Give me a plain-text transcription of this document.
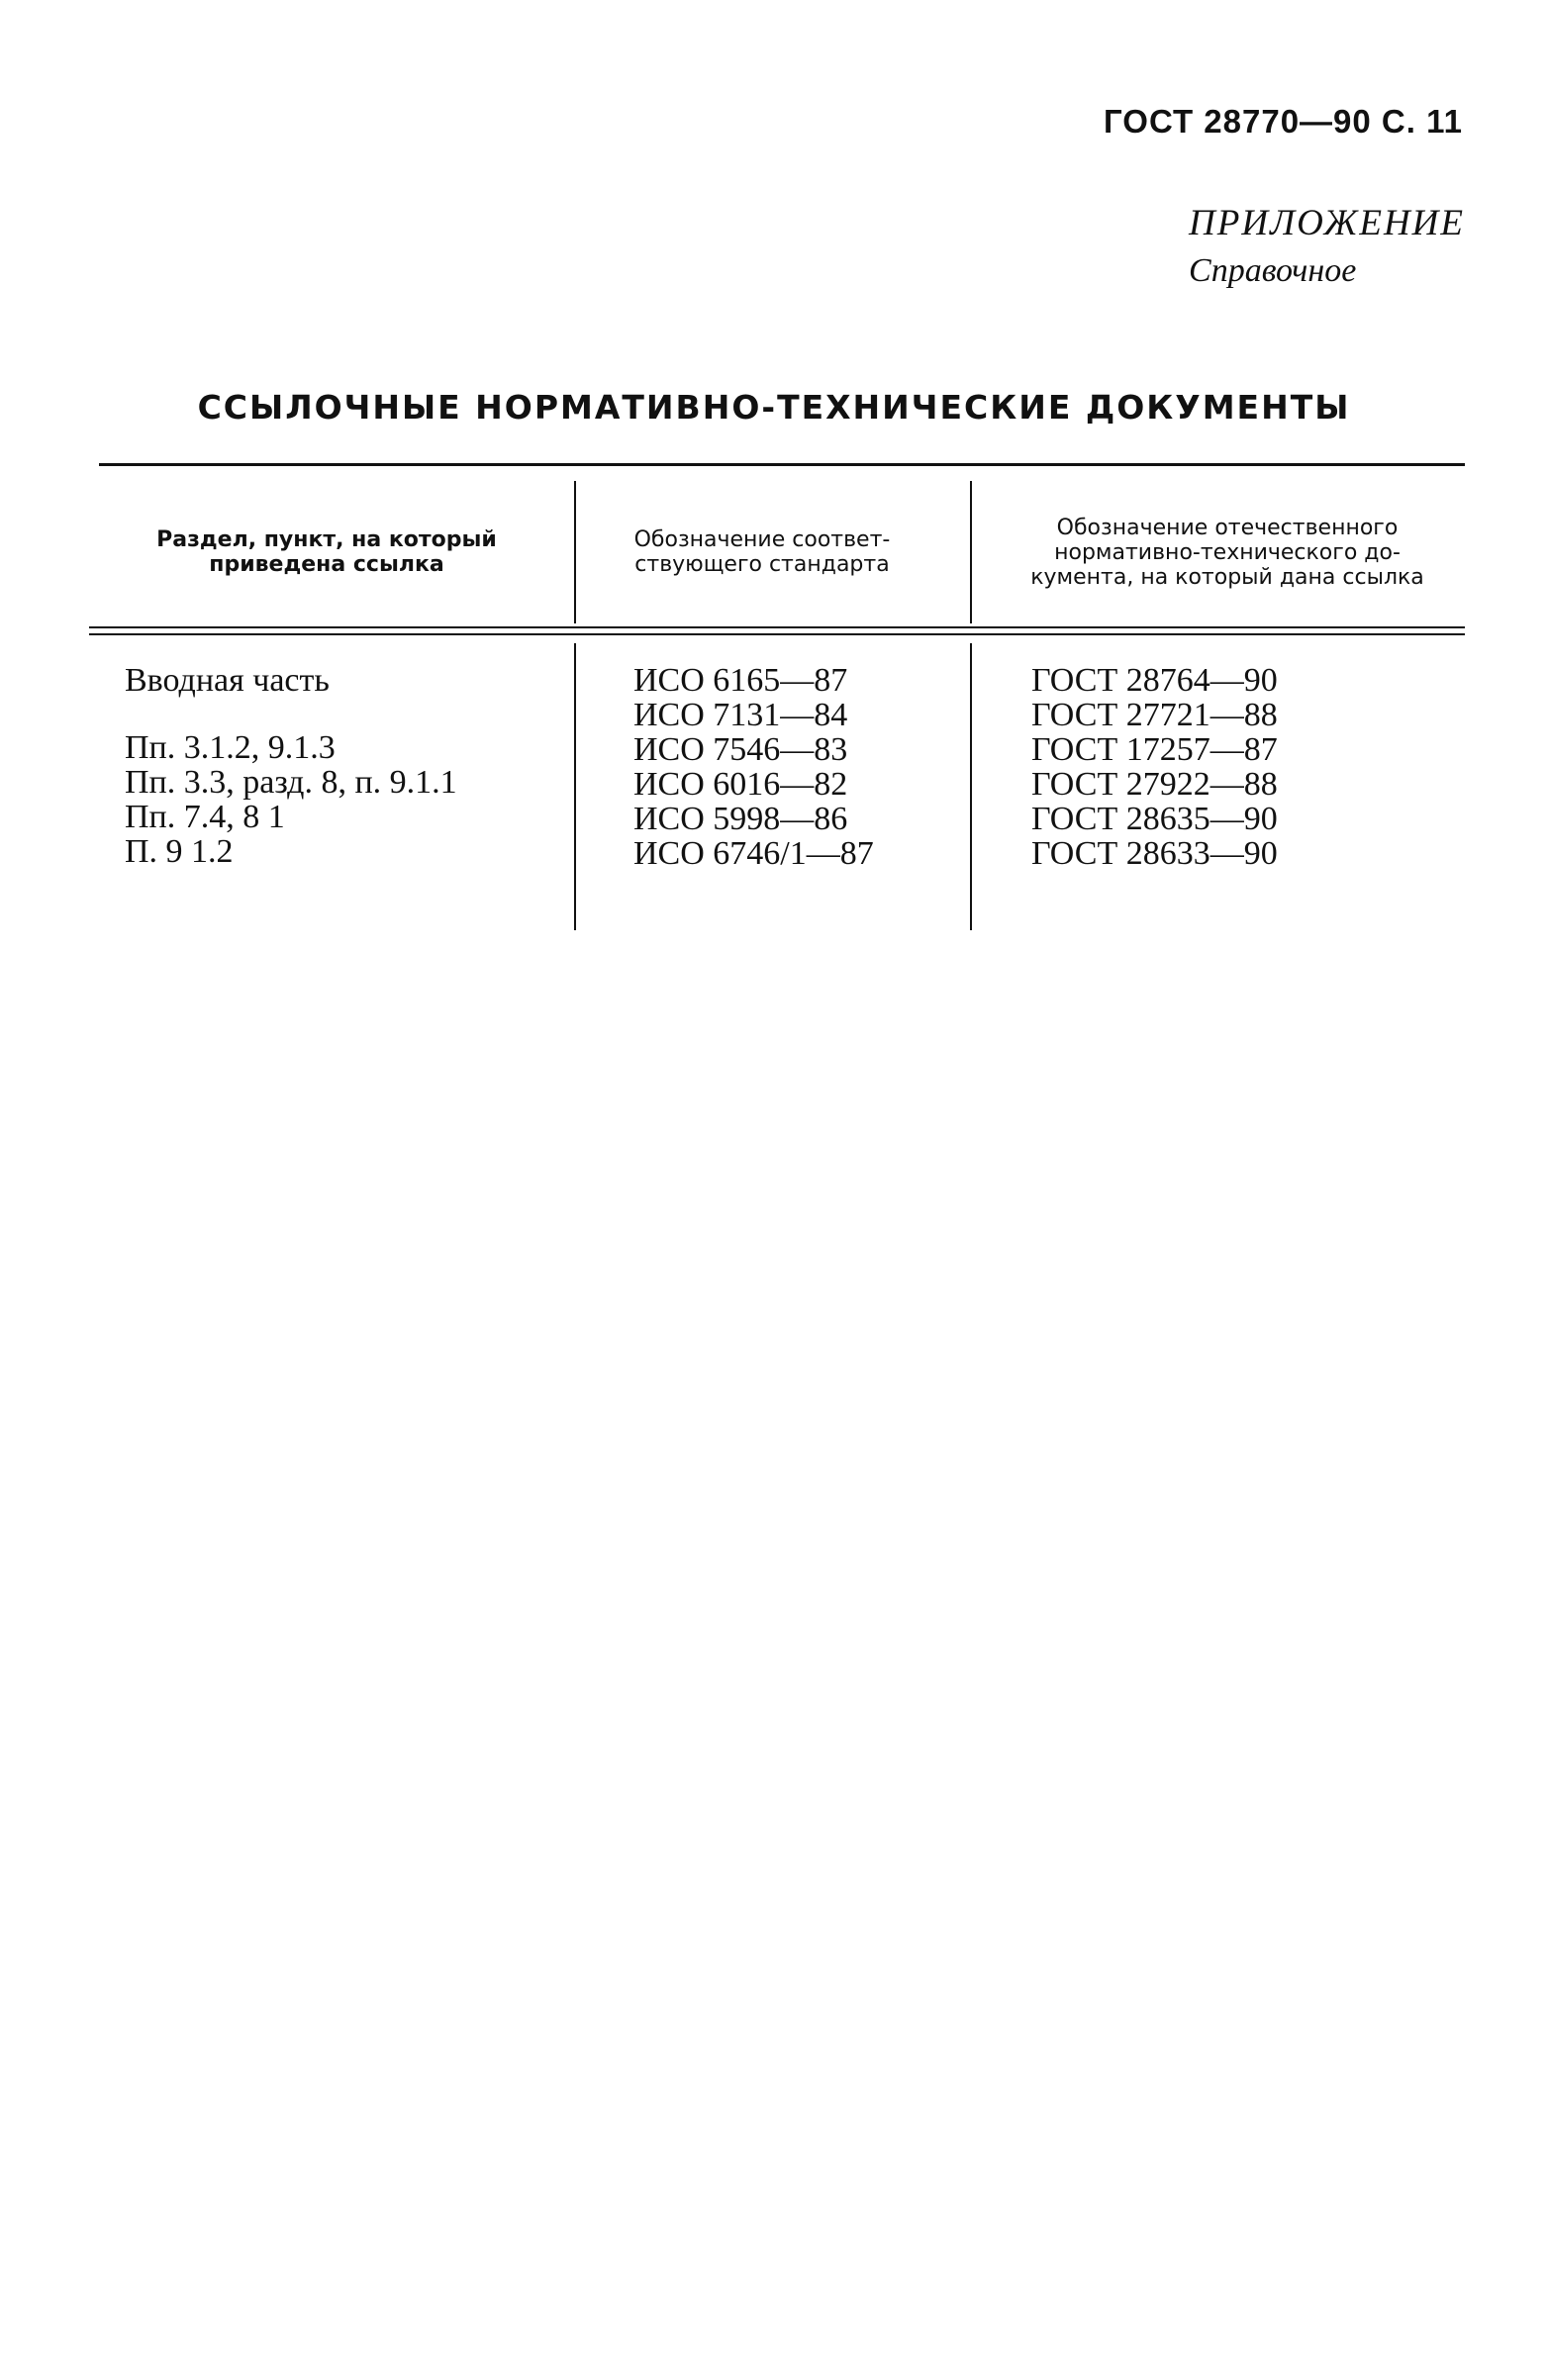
ГОСТ 28770—90 С. 11
ПРИЛОЖЕНИЕ
Справочное
ССЫЛОЧНЫЕ НОРМАТИВНО-ТЕХНИЧЕСКИЕ ДОКУМЕНТЫ
Раздел, пункт, на который приведена ссылка
Обозначение соответствующего стандарта
Обозначение отечественного нормативно-технического документа, на который дана ссылка
Вводная часть
Пп. 3.1.2, 9.1.3
Пп. 3.3, разд. 8, п. 9.1.1
Пп. 7.4, 8 1
П. 9 1.2
ИСО 6165—87
ИСО 7131—84
ИСО 7546—83
ИСО 6016—82
ИСО 5998—86
ИСО 6746/1—87
ГОСТ 28764—90
ГОСТ 27721—88
ГОСТ 17257—87
ГОСТ 27922—88
ГОСТ 28635—90
ГОСТ 28633—90
